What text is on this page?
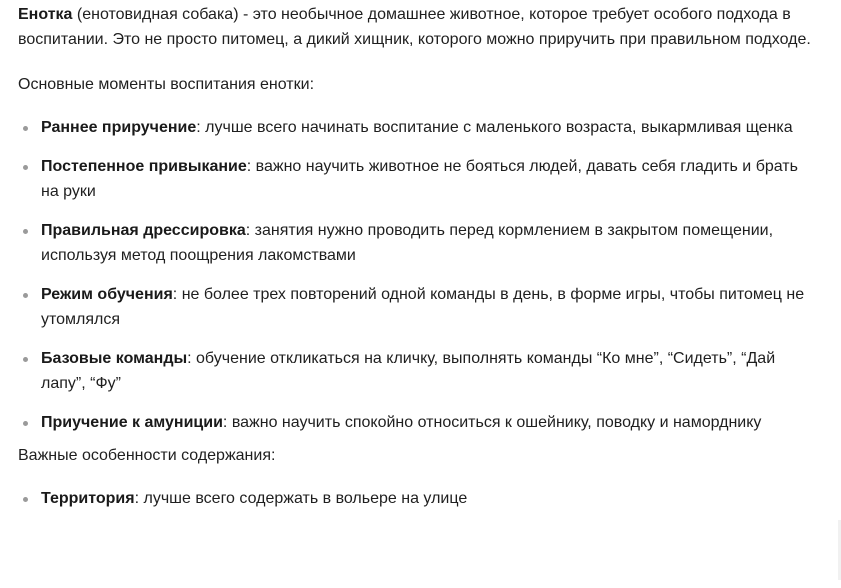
Енотка (енотовидная собака) - это необычное домашнее животное, которое требует особого подхода в воспитании. Это не просто питомец, а дикий хищник, которого можно приручить при правильном подходе.

Основные моменты воспитания енотки:

Раннее приручение: лучше всего начинать воспитание с маленького возраста, выкармливая щенка
Постепенное привыкание: важно научить животное не бояться людей, давать себя гладить и брать на руки
Правильная дрессировка: занятия нужно проводить перед кормлением в закрытом помещении, используя метод поощрения лакомствами
Режим обучения: не более трех повторений одной команды в день, в форме игры, чтобы питомец не утомлялся
Базовые команды: обучение откликаться на кличку, выполнять команды “Ко мне”, “Сидеть”, “Дай лапу”, “Фу”
Приучение к амуниции: важно научить спокойно относиться к ошейнику, поводку и наморднику

Важные особенности содержания:

Территория: лучше всего содержать в вольере на улице
